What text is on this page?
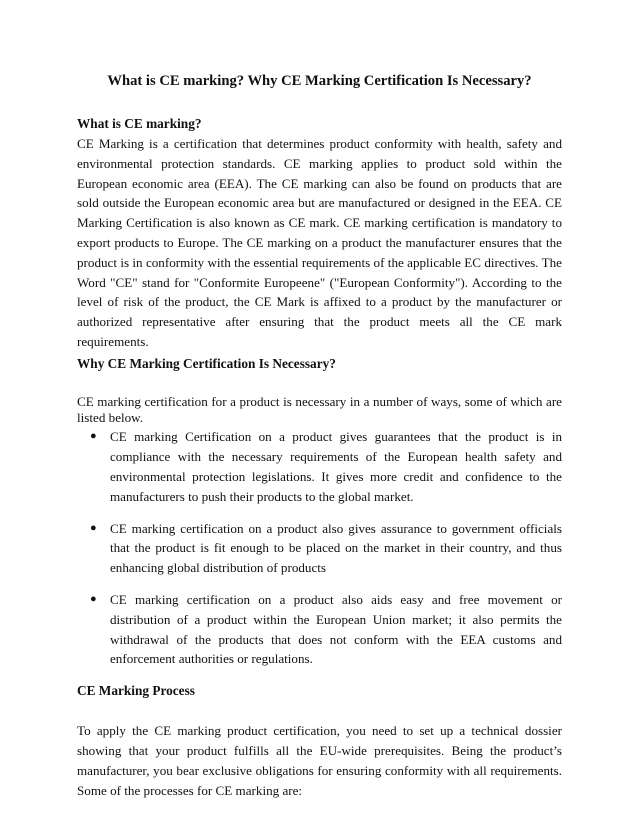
What is CE marking? Why CE Marking Certification Is Necessary?
What is CE marking?

CE Marking is a certification that determines product conformity with health, safety and environmental protection standards. CE marking applies to product sold within the European economic area (EEA). The CE marking can also be found on products that are sold outside the European economic area but are manufactured or designed in the EEA. CE Marking Certification is also known as CE mark. CE marking certification is mandatory to export products to Europe. The CE marking on a product the manufacturer ensures that the product is in conformity with the essential requirements of the applicable EC directives. The Word "CE" stand for "Conformite Europeene" ("European Conformity"). According to the level of risk of the product, the CE Mark is affixed to a product by the manufacturer or authorized representative after ensuring that the product meets all the CE mark requirements.

Why CE Marking Certification Is Necessary?

CE marking certification for a product is necessary in a number of ways, some of which are listed below.

● CE marking Certification on a product gives guarantees that the product is in compliance with the necessary requirements of the European health safety and environmental protection legislations. It gives more credit and confidence to the manufacturers to push their products to the global market.
● CE marking certification on a product also gives assurance to government officials that the product is fit enough to be placed on the market in their country, and thus enhancing global distribution of products
● CE marking certification on a product also aids easy and free movement or distribution of a product within the European Union market; it also permits the withdrawal of the products that does not conform with the EEA customs and enforcement authorities or regulations.
CE Marking Process

To apply the CE marking product certification, you need to set up a technical dossier showing that your product fulfills all the EU-wide prerequisites. Being the product’s manufacturer, you bear exclusive obligations for ensuring conformity with all requirements. Some of the processes for CE marking are:
